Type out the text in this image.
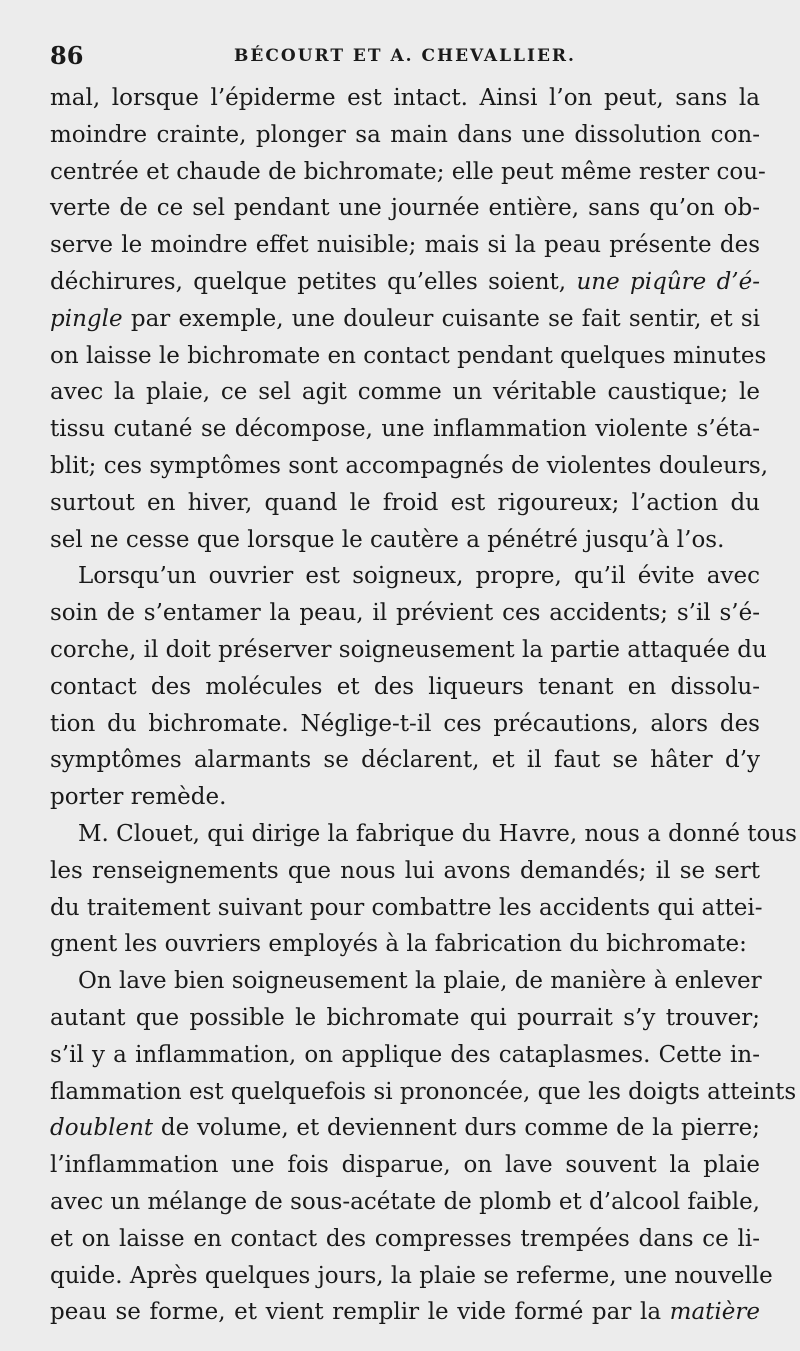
86	BÉCOURT ET A. CHEVALLIER.
mal, lorsque l’épiderme est intact. Ainsi l’on peut, sans la
moindre crainte, plonger sa main dans une dissolution con-
centrée et chaude de bichromate; elle peut même rester cou-
verte de ce sel pendant une journée entière, sans qu’on ob-
serve le moindre effet nuisible; mais si la peau présente des
déchirures, quelque petites qu’elles soient, une piqûre d’é-
pingle par exemple, une douleur cuisante se fait sentir, et si
on laisse le bichromate en contact pendant quelques minutes
avec la plaie, ce sel agit comme un véritable caustique; le
tissu cutané se décompose, une inflammation violente s’éta-
blit; ces symptômes sont accompagnés de violentes douleurs,
surtout en hiver, quand le froid est rigoureux; l’action du
sel ne cesse que lorsque le cautère a pénétré jusqu’à l’os.
Lorsqu’un ouvrier est soigneux, propre, qu’il évite avec
soin de s’entamer la peau, il prévient ces accidents; s’il s’é-
corche, il doit préserver soigneusement la partie attaquée du
contact des molécules et des liqueurs tenant en dissolu-
tion du bichromate. Néglige-t-il ces précautions, alors des
symptômes alarmants se déclarent, et il faut se hâter d’y
porter remède.
M. Clouet, qui dirige la fabrique du Havre, nous a donné tous
les renseignements que nous lui avons demandés; il se sert
du traitement suivant pour combattre les accidents qui attei-
gnent les ouvriers employés à la fabrication du bichromate:
On lave bien soigneusement la plaie, de manière à enlever
autant que possible le bichromate qui pourrait s’y trouver;
s’il y a inflammation, on applique des cataplasmes. Cette in-
flammation est quelquefois si prononcée, que les doigts atteints
doublent de volume, et deviennent durs comme de la pierre;
l’inflammation une fois disparue, on lave souvent la plaie
avec un mélange de sous-acétate de plomb et d’alcool faible,
et on laisse en contact des compresses trempées dans ce li-
quide. Après quelques jours, la plaie se referme, une nouvelle
peau se forme, et vient remplir le vide formé par la matière
